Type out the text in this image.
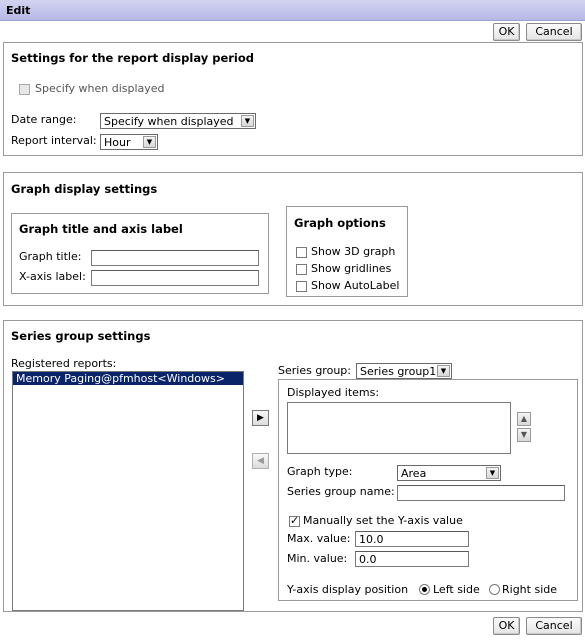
Edit
OK	Cancel
Settings for the report display period
Specify when displayed
Date range:	Specify when displayed	▼
Report interval: Hour	▼
Graph display settings
Graph title and axis label
Graph title:
X-axis label:
Graph options
Show 3D graph
Show gridlines
Show AutoLabel
Series group settings
Registered reports:
Memory Paging@pfmhost<Windows>
▶
◀
Series group: Series group1 ▼
Displayed items:
▲
▼
Graph type:	Area	▼
Series group name:
✓
Manually set the Y-axis value
Max. value: 10.0
Min. value:	0.0
Y-axis display position Left side Right side
OK	Cancel
